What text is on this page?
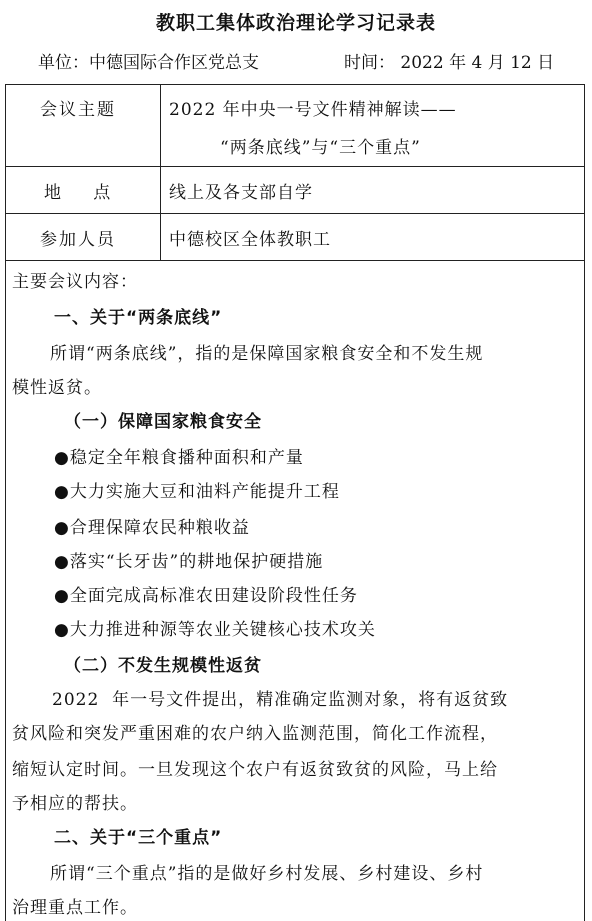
教职工集体政治理论学习记录表
单位：中德国际合作区党总支	时间： 2022 年 4 月 12 日
会议主题	2022 年中央一号文件精神解读——
“两条底线”与“三个重点”
地   点	线上及各支部自学
参加人员	中德校区全体教职工
主要会议内容：
一、关于“两条底线”
所谓“两条底线”，指的是保障国家粮食安全和不发生规
模性返贫。
（一）保障国家粮食安全
●稳定全年粮食播种面积和产量
●大力实施大豆和油料产能提升工程
●合理保障农民种粮收益
●落实“长牙齿”的耕地保护硬措施
●全面完成高标准农田建设阶段性任务
●大力推进种源等农业关键核心技术攻关
（二）不发生规模性返贫
2022  年一号文件提出，精准确定监测对象，将有返贫致
贫风险和突发严重困难的农户纳入监测范围，简化工作流程，
缩短认定时间。一旦发现这个农户有返贫致贫的风险，马上给
予相应的帮扶。
二、关于“三个重点”
所谓“三个重点”指的是做好乡村发展、乡村建设、乡村
治理重点工作。
